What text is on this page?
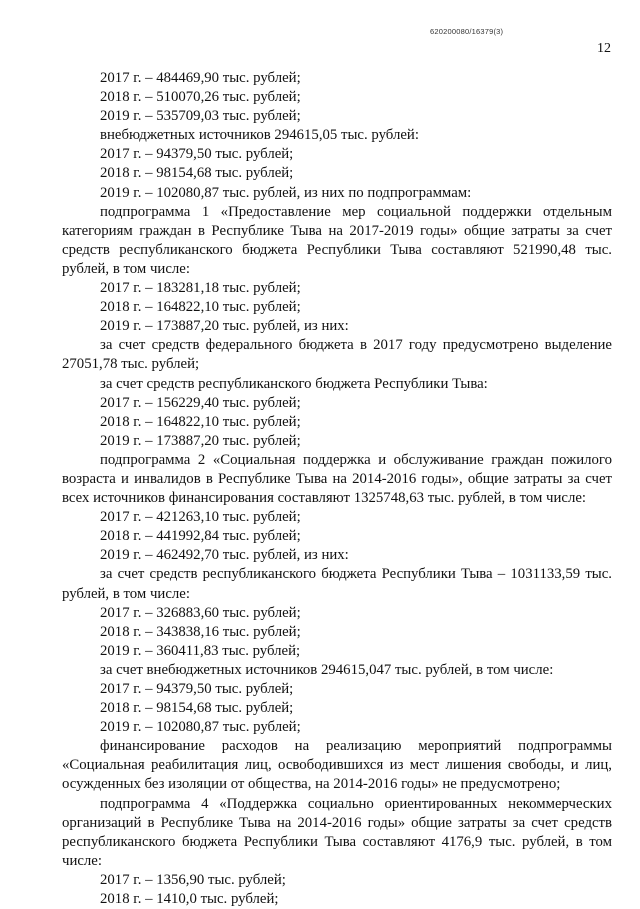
620200080/16379(3)
12
2017 г. – 484469,90 тыс. рублей;
2018 г. – 510070,26 тыс. рублей;
2019 г. – 535709,03 тыс. рублей;
внебюджетных источников 294615,05 тыс. рублей:
2017 г. – 94379,50 тыс. рублей;
2018 г. – 98154,68 тыс. рублей;
2019 г. – 102080,87 тыс. рублей, из них по подпрограммам:
подпрограмма 1 «Предоставление мер социальной поддержки отдельным категориям граждан в Республике Тыва на 2017-2019 годы» общие затраты за счет средств республиканского бюджета Республики Тыва составляют 521990,48 тыс. рублей, в том числе:
2017 г. – 183281,18 тыс. рублей;
2018 г. – 164822,10 тыс. рублей;
2019 г. – 173887,20 тыс. рублей, из них:
за счет средств федерального бюджета в 2017 году предусмотрено выделение 27051,78 тыс. рублей;
за счет средств республиканского бюджета Республики Тыва:
2017 г. – 156229,40 тыс. рублей;
2018 г. – 164822,10 тыс. рублей;
2019 г. – 173887,20 тыс. рублей;
подпрограмма 2 «Социальная поддержка и обслуживание граждан пожилого возраста и инвалидов в Республике Тыва на 2014-2016 годы», общие затраты за счет всех источников финансирования составляют 1325748,63 тыс. рублей, в том числе:
2017 г. – 421263,10 тыс. рублей;
2018 г. – 441992,84 тыс. рублей;
2019 г. – 462492,70 тыс. рублей, из них:
за счет средств республиканского бюджета Республики Тыва – 1031133,59 тыс. рублей, в том числе:
2017 г. – 326883,60 тыс. рублей;
2018 г. – 343838,16 тыс. рублей;
2019 г. – 360411,83 тыс. рублей;
за счет внебюджетных источников 294615,047 тыс. рублей, в том числе:
2017 г. – 94379,50 тыс. рублей;
2018 г. – 98154,68 тыс. рублей;
2019 г. – 102080,87 тыс. рублей;
финансирование расходов на реализацию мероприятий подпрограммы «Социальная реабилитация лиц, освободившихся из мест лишения свободы, и лиц, осужденных без изоляции от общества, на 2014-2016 годы» не предусмотрено;
подпрограмма 4 «Поддержка социально ориентированных некоммерческих организаций в Республике Тыва на 2014-2016 годы» общие затраты за счет средств республиканского бюджета Республики Тыва составляют 4176,9 тыс. рублей, в том числе:
2017 г. – 1356,90 тыс. рублей;
2018 г. – 1410,0 тыс. рублей;
